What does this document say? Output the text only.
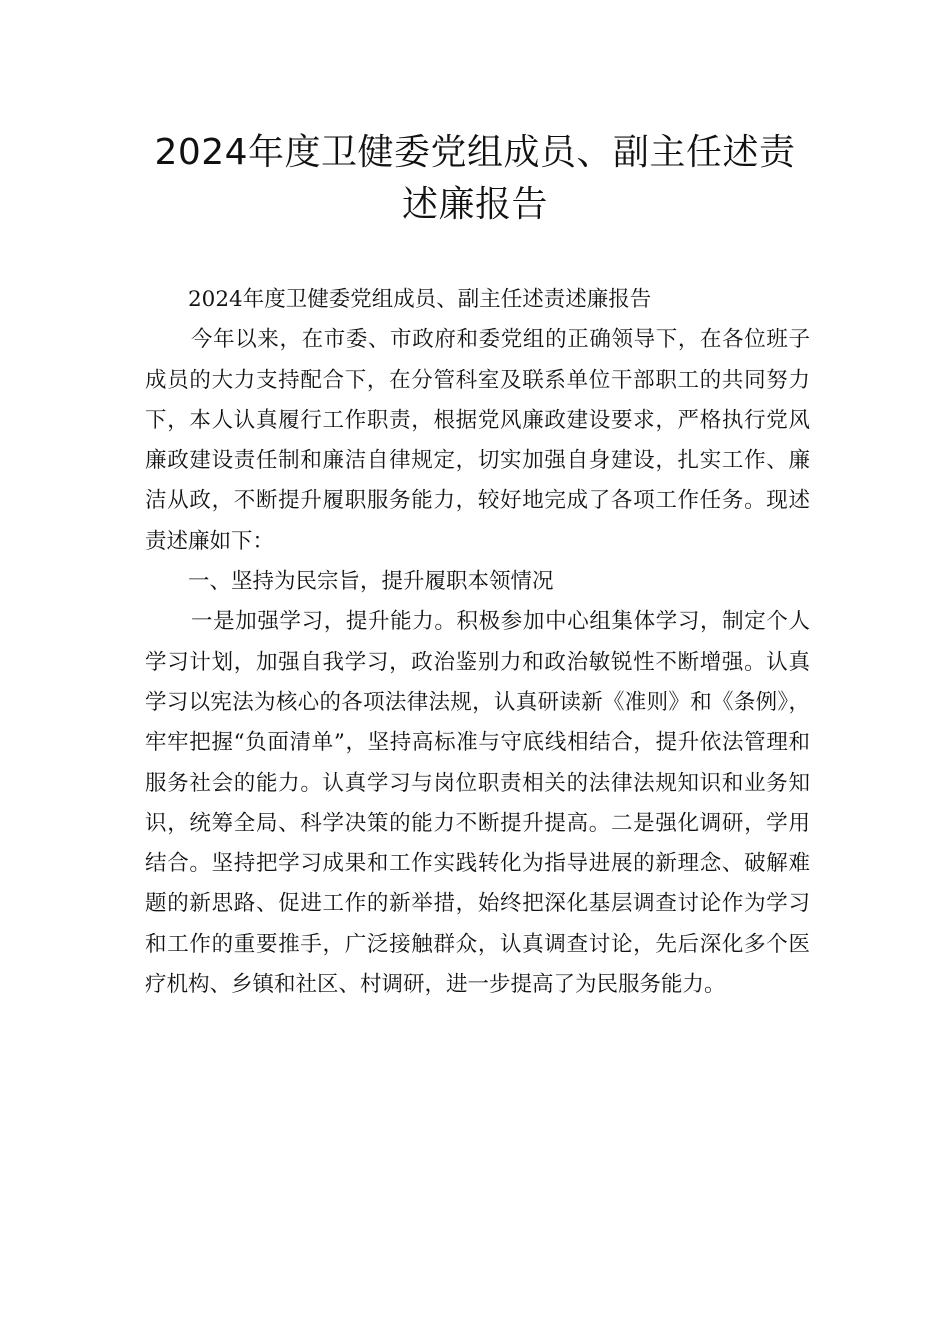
2024年度卫健委党组成员、副主任述责
述廉报告

2024年度卫健委党组成员、副主任述责述廉报告

今年以来，在市委、市政府和委党组的正确领导下，在各位班子成员的大力支持配合下，在分管科室及联系单位干部职工的共同努力下，本人认真履行工作职责，根据党风廉政建设要求，严格执行党风廉政建设责任制和廉洁自律规定，切实加强自身建设，扎实工作、廉洁从政，不断提升履职服务能力，较好地完成了各项工作任务。现述责述廉如下：

一、坚持为民宗旨，提升履职本领情况

一是加强学习，提升能力。积极参加中心组集体学习，制定个人学习计划，加强自我学习，政治鉴别力和政治敏锐性不断增强。认真学习以宪法为核心的各项法律法规，认真研读新《准则》和《条例》，牢牢把握“负面清单”，坚持高标准与守底线相结合，提升依法管理和服务社会的能力。认真学习与岗位职责相关的法律法规知识和业务知识，统筹全局、科学决策的能力不断提升提高。二是强化调研，学用结合。坚持把学习成果和工作实践转化为指导进展的新理念、破解难题的新思路、促进工作的新举措，始终把深化基层调查讨论作为学习和工作的重要推手，广泛接触群众，认真调查讨论，先后深化多个医疗机构、乡镇和社区、村调研，进一步提高了为民服务能力。
